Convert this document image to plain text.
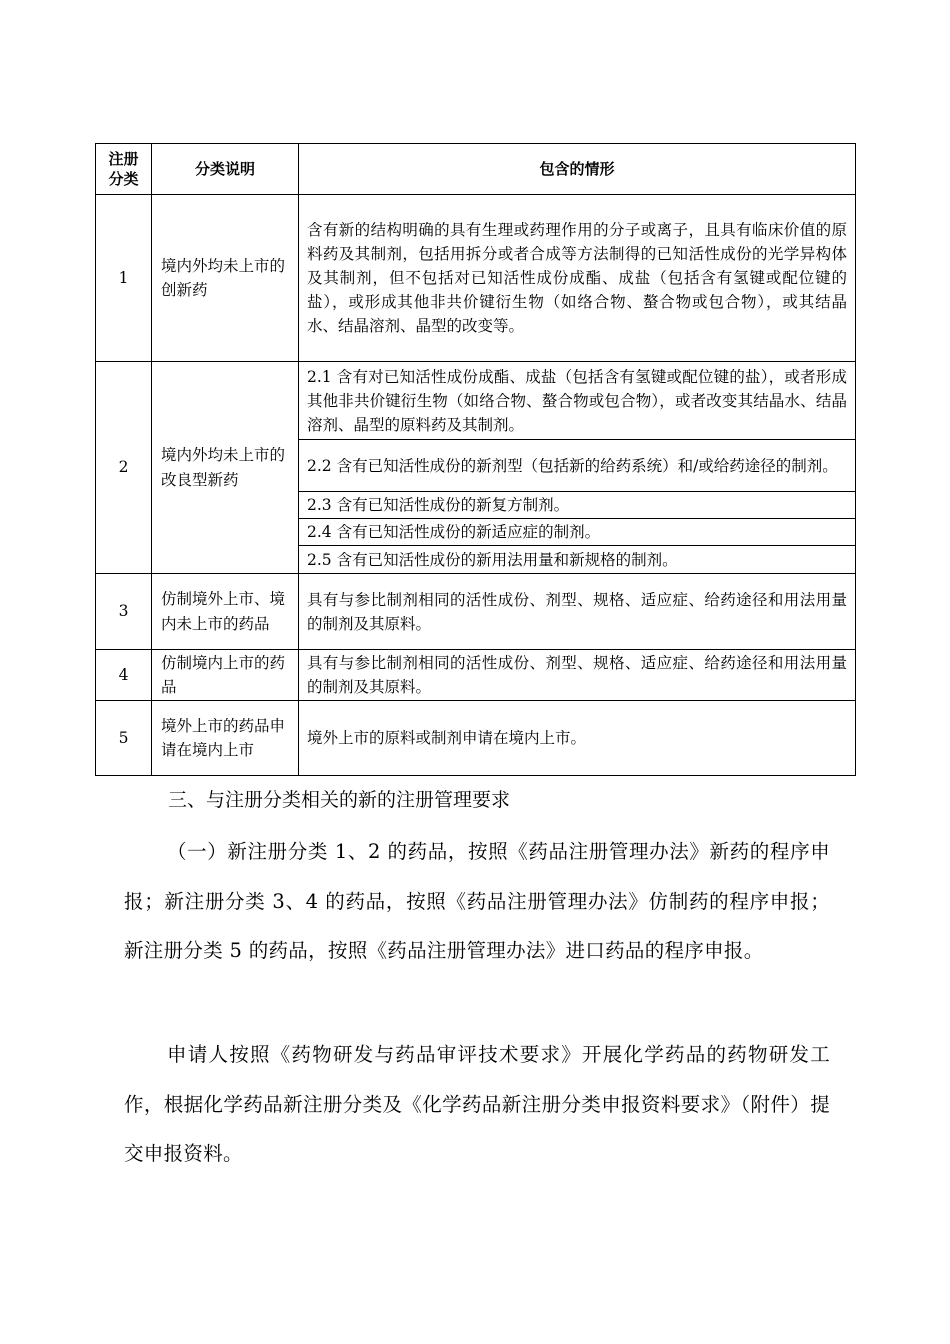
注册分类	分类说明	包含的情形
1	境内外均未上市的创新药	含有新的结构明确的具有生理或药理作用的分子或离子，且具有临床价值的原料药及其制剂，包括用拆分或者合成等方法制得的已知活性成份的光学异构体及其制剂，但不包括对已知活性成份成酯、成盐（包括含有氢键或配位键的盐），或形成其他非共价键衍生物（如络合物、螯合物或包合物），或其结晶水、结晶溶剂、晶型的改变等。
2	境内外均未上市的改良型新药	2.1 含有对已知活性成份成酯、成盐（包括含有氢键或配位键的盐），或者形成其他非共价键衍生物（如络合物、螯合物或包合物），或者改变其结晶水、结晶溶剂、晶型的原料药及其制剂。
		2.2 含有已知活性成份的新剂型（包括新的给药系统）和/或给药途径的制剂。
		2.3 含有已知活性成份的新复方制剂。
		2.4 含有已知活性成份的新适应症的制剂。
		2.5 含有已知活性成份的新用法用量和新规格的制剂。
3	仿制境外上市、境内未上市的药品	具有与参比制剂相同的活性成份、剂型、规格、适应症、给药途径和用法用量的制剂及其原料。
4	仿制境内上市的药品	具有与参比制剂相同的活性成份、剂型、规格、适应症、给药途径和用法用量的制剂及其原料。
5	境外上市的药品申请在境内上市	境外上市的原料或制剂申请在境内上市。
三、与注册分类相关的新的注册管理要求
（一）新注册分类 1、2 的药品，按照《药品注册管理办法》新药的程序申报；新注册分类 3、4 的药品，按照《药品注册管理办法》仿制药的程序申报；新注册分类 5 的药品，按照《药品注册管理办法》进口药品的程序申报。
申请人按照《药物研发与药品审评技术要求》开展化学药品的药物研发工作，根据化学药品新注册分类及《化学药品新注册分类申报资料要求》（附件）提交申报资料。
